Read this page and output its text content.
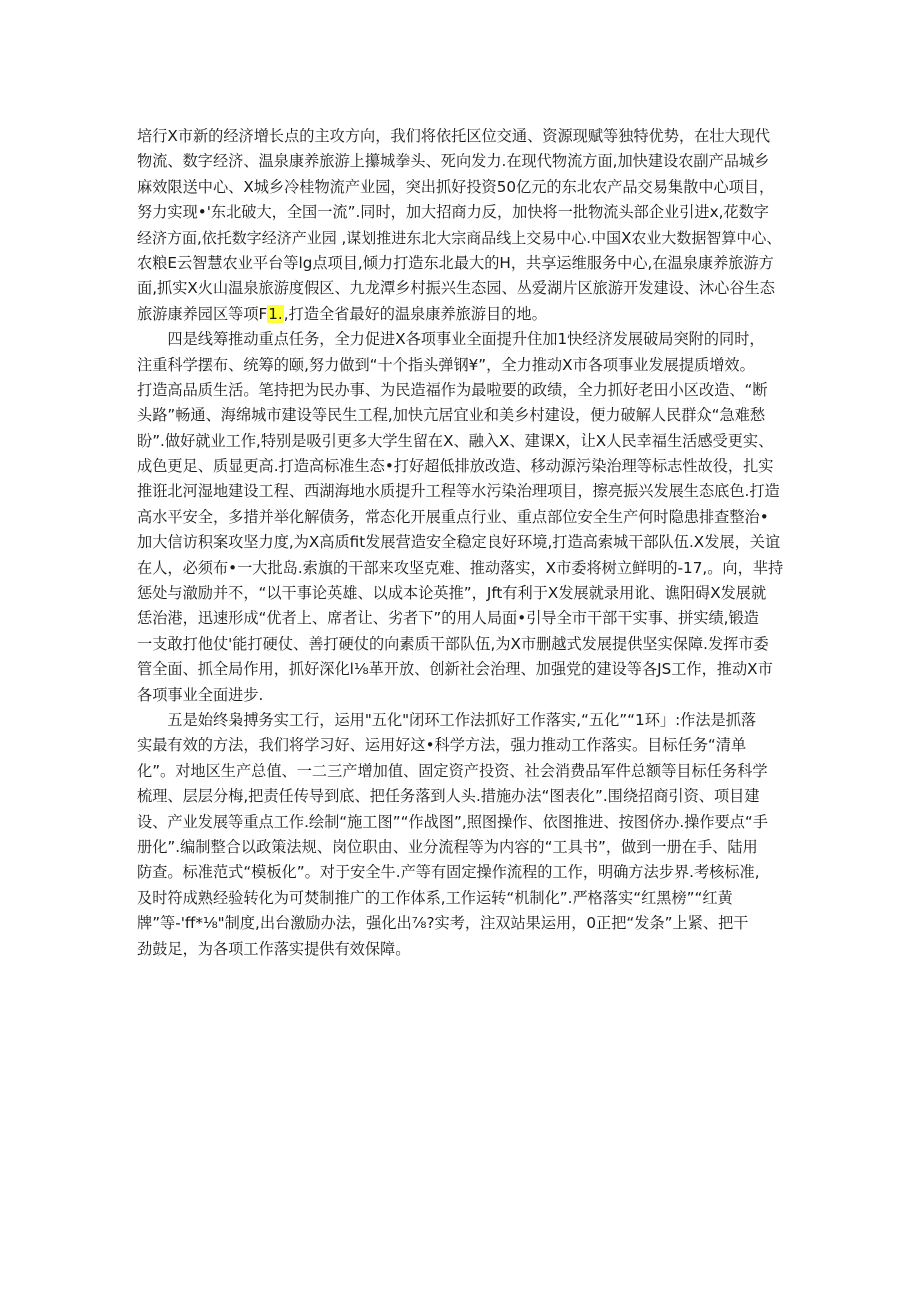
培行X市新的经济增长点的主攻方向，我们将依托区位交通、资源现赋等独特优势，在壮大现代
物流、数字经济、温泉康养旅游上攥城拳头、死向发力.在现代物流方面,加快建设农副产品城乡
麻效限送中心、X城乡冷桂物流产业园，突出抓好投资50亿元的东北农产品交易集散中心项目，
努力实现•'东北破大，全国一流”.同时，加大招商力反，加快将一批物流头部企业引进x,花数字
经济方面,依托数字经济产业园 ,谋划推进东北大宗商品线上交易中心.中国X农业大数据智算中心、
农粮E云智慧农业平台等lg点项目,倾力打造东北最大的H，共享运维服务中心,在温泉康养旅游方
面,抓实X火山温泉旅游度假区、九龙潭乡村振兴生态园、丛爱湖片区旅游开发建设、沐心谷生态
旅游康养园区等项F1.,打造全省最好的温泉康养旅游目的地。
　　四是线筹推动重点任务，全力促进X各项事业全面提升住加1快经济发展破局突附的同时，
注重科学摆布、统筹的颐,努力做到“十个指头弹钢¥”，全力推动X市各项事业发展提质增效。
打造高品质生活。笔持把为民办事、为民造福作为最啦要的政绩，全力抓好老田小区改造、“断
头路”畅通、海绵城市建设等民生工程,加快亢居宜业和美乡村建设，便力破解人民群众“急难愁
盼”.做好就业工作,特别是吸引更多大学生留在X、融入X、建课X，让X人民幸福生活感受更实、
成色更足、质显更高.打造高标准生态•打好超低排放改造、移动源污染治理等标志性故役，扎实
推诳北河湿地建设工程、西湖海地水质提升工程等水污染治理项目，擦亮振兴发展生态底色.打造
高水平安全，多措并举化解债务，常态化开展重点行业、重点部位安全生产何时隐患排查整治•
加大信访积案攻坚力度,为X高质fit发展营造安全稳定良好环境,打造高索城干部队伍.X发展，关谊
在人，必须布•一大批岛.索旗的干部来攻坚克难、推动落实，X市委将树立鲜明的-17,。向，芈持
惩处与澈励并不，“以干事论英雄、以成本论英推”，Jft有利于X发展就录用讹、谯阳碍X发展就
恁治港，迅速形成“优者上、席者让、劣者下”的用人局面•引导全市干部干实事、拼实绩,锻造
一支敢打他仗'能打硬仗、善打硬仗的向素质干部队伍,为X市删越式发展提供坚实保障.发挥市委
管全面、抓全局作用，抓好深化l⅛革开放、创新社会治理、加强党的建设等各JS工作，推动X市
各项事业全面进步.
　　五是始终枭搏务实工行，运用"五化"闭环工作法抓好工作落实,“五化”“1环」:作法是抓落
实最有效的方法，我们将学习好、运用好这•科学方法，强力推动工作落实。目标任务“清单
化”。对地区生产总值、一二三产增加值、固定资产投资、社会消费品军件总额等目标任务科学
梳理、层层分梅,把责任传导到底、把任务落到人头.措施办法“图表化”.围绕招商引资、项目建
设、产业发展等重点工作.绘制“施工图”“作战图”,照图操作、依图推进、按图侪办.操作要点“手
册化”.编制整合以政策法规、岗位职由、业分流程等为内容的“工具书”，做到一册在手、陆用
防查。标准范式“模板化”。对于安全牛.产等有固定操作流程的工作，明确方法步界.考核标准,
及时符成熟经验转化为可焚制推广的工作体系,工作运转“机制化”.严格落实“红黑榜”“红黄
牌”等-'ff*⅛"制度,出台激励办法，强化出⅞?实考，注双站果运用，0正把“发条”上紧、把干
劲鼓足，为各项工作落实提供有效保障。
